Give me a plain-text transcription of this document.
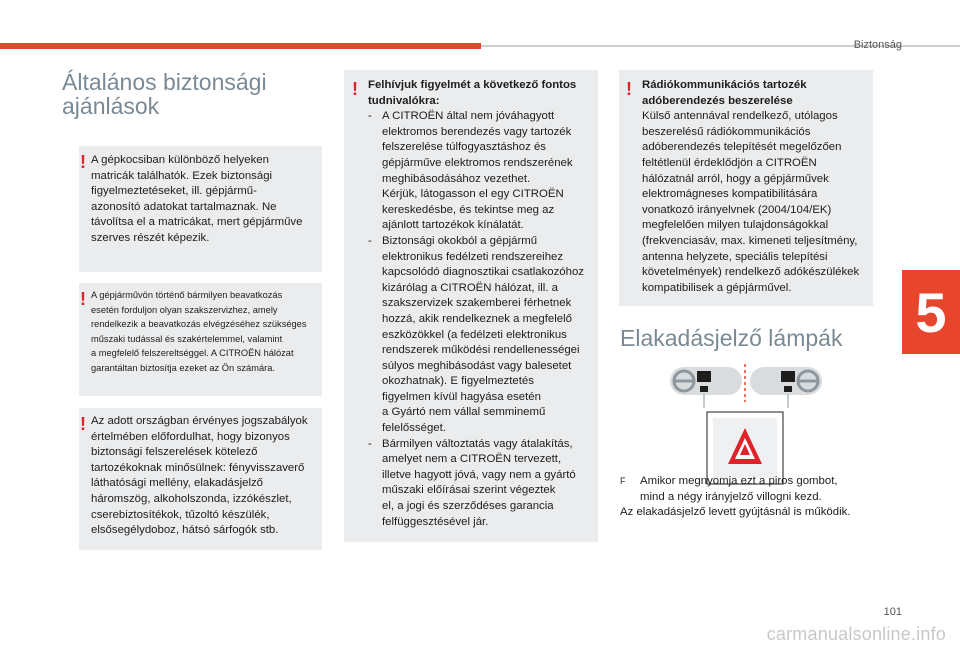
Biztonság
5
Általános biztonsági
ajánlások
! A gépkocsiban különböző helyeken
matricák találhatók. Ezek biztonsági
figyelmeztetéseket, ill. gépjármű-
azonosító adatokat tartalmaznak. Ne
távolítsa el a matricákat, mert gépjárműve
szerves részét képezik.
! A gépjárművön történő bármilyen beavatkozás
esetén forduljon olyan szakszervizhez, amely
rendelkezik a beavatkozás elvégzéséhez szükséges
műszaki tudással és szakértelemmel, valamint
a megfelelő felszereltséggel. A CITROËN hálózat
garantáltan biztosítja ezeket az Ön számára.
! Az adott országban érvényes jogszabályok
értelmében előfordulhat, hogy bizonyos
biztonsági felszerelések kötelező
tartozékoknak minősülnek: fényvisszaverő
láthatósági mellény, elakadásjelző
háromszög, alkoholszonda, izzókészlet,
cserebiztosítékok, tűzoltó készülék,
elsősegélydoboz, hátsó sárfogók stb.
! Felhívjuk figyelmét a következő fontos
tudnivalókra:
- A CITROËN által nem jóváhagyott
elektromos berendezés vagy tartozék
felszerelése túlfogyasztáshoz és
gépjárműve elektromos rendszerének
meghibásodásához vezethet.
Kérjük, látogasson el egy CITROËN
kereskedésbe, és tekintse meg az
ajánlott tartozékok kínálatát.
- Biztonsági okokból a gépjármű
elektronikus fedélzeti rendszereihez
kapcsolódó diagnosztikai csatlakozóhoz
kizárólag a CITROËN hálózat, ill. a
szakszervizek szakemberei férhetnek
hozzá, akik rendelkeznek a megfelelő
eszközökkel (a fedélzeti elektronikus
rendszerek működési rendellenességei
súlyos meghibásodást vagy balesetet
okozhatnak). E figyelmeztetés
figyelmen kívül hagyása esetén
a Gyártó nem vállal semminemű
felelősséget.
- Bármilyen változtatás vagy átalakítás,
amelyet nem a CITROËN tervezett,
illetve hagyott jóvá, vagy nem a gyártó
műszaki előírásai szerint végeztek
el, a jogi és szerződéses garancia
felfüggesztésével jár.
! Rádiókommunikációs tartozék
adóberendezés beszerelése
Külső antennával rendelkező, utólagos
beszerelésű rádiókommunikációs
adóberendezés telepítését megelőzően
feltétlenül érdeklődjön a CITROËN
hálózatnál arról, hogy a gépjárművek
elektromágneses kompatibilitására
vonatkozó irányelvnek (2004/104/EK)
megfelelően milyen tulajdonságokkal
(frekvenciasáv, max. kimeneti teljesítmény,
antenna helyzete, speciális telepítési
követelmények) rendelkező adókészülékek
kompatibilisek a gépjárművel.
Elakadásjelző lámpák
F Amikor megnyomja ezt a piros gombot,
mind a négy irányjelző villogni kezd.
Az elakadásjelző levett gyújtásnál is működik.
101
carmanualsonline.info
